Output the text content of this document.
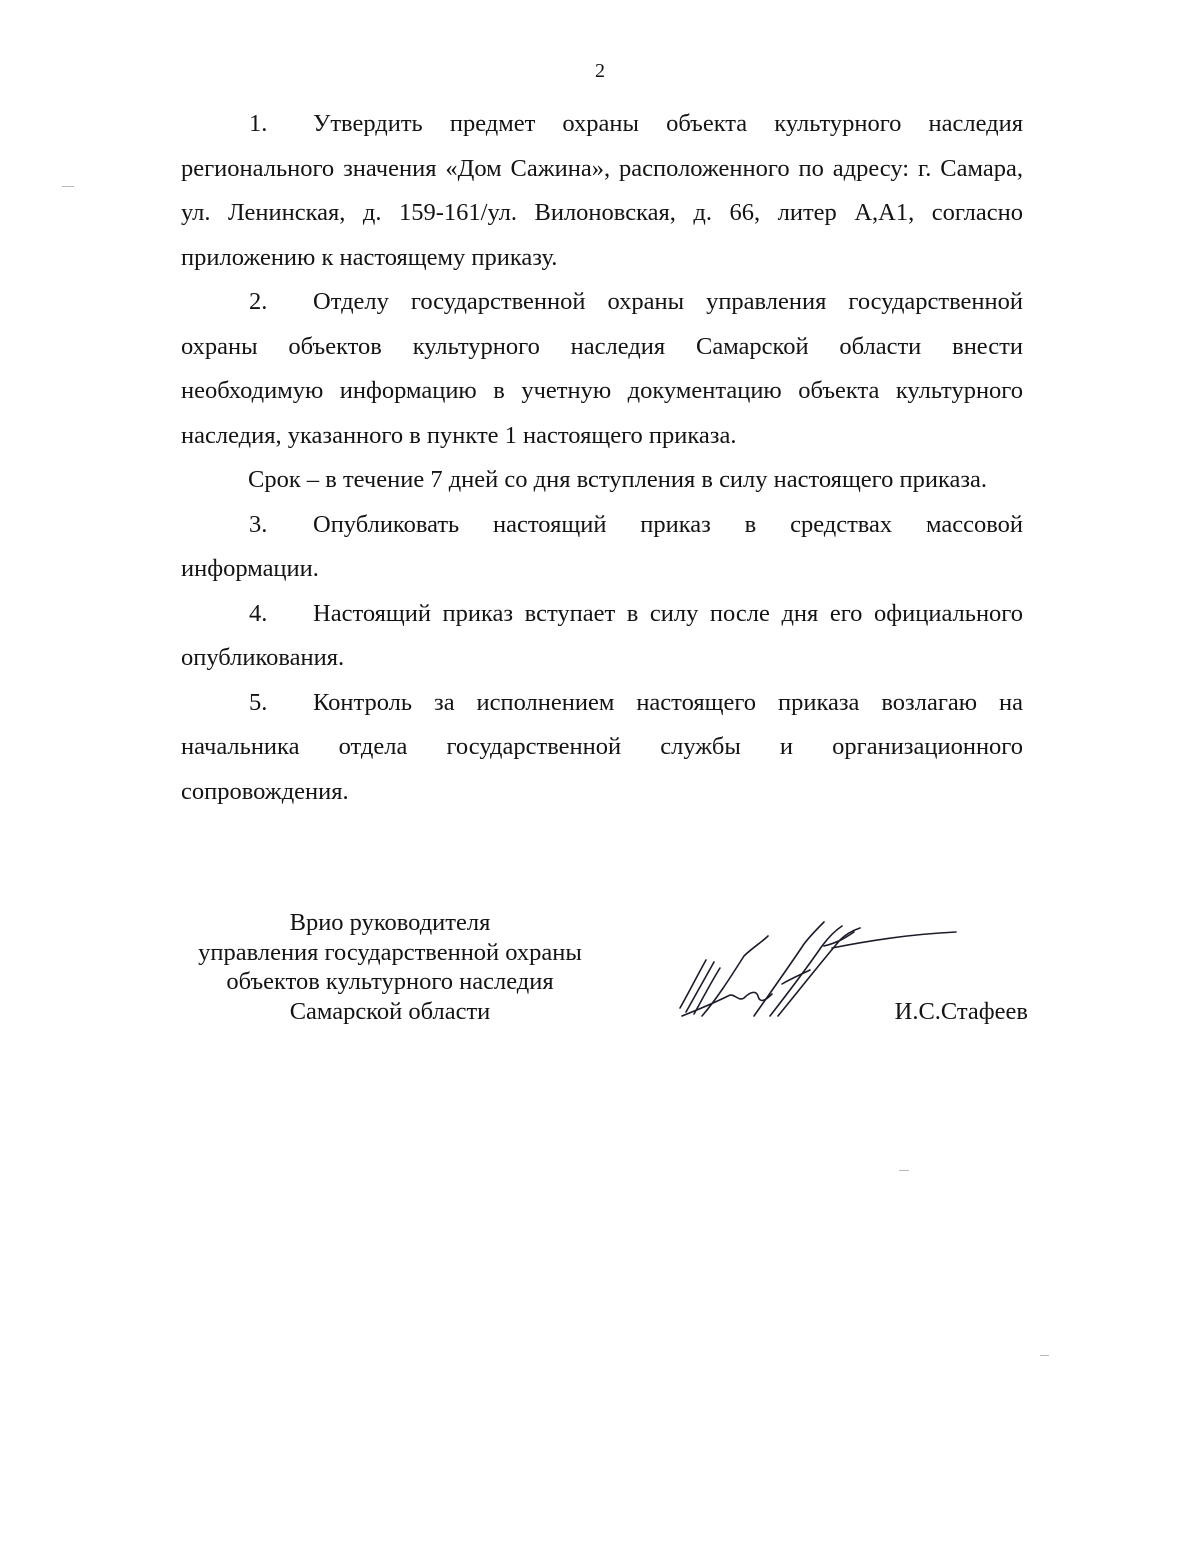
2

1. Утвердить предмет охраны объекта культурного наследия регионального значения «Дом Сажина», расположенного по адресу: г. Самара, ул. Ленинская, д. 159-161/ул. Вилоновская, д. 66, литер А,А1, согласно приложению к настоящему приказу.

2. Отделу государственной охраны управления государственной охраны объектов культурного наследия Самарской области внести необходимую информацию в учетную документацию объекта культурного наследия, указанного в пункте 1 настоящего приказа.

Срок – в течение 7 дней со дня вступления в силу настоящего приказа.

3. Опубликовать настоящий приказ в средствах массовой информации.

4. Настоящий приказ вступает в силу после дня его официального опубликования.

5. Контроль за исполнением настоящего приказа возлагаю на начальника отдела государственной службы и организационного сопровождения.

Врио руководителя
управления государственной охраны
объектов культурного наследия
Самарской области	И.С.Стафеев
